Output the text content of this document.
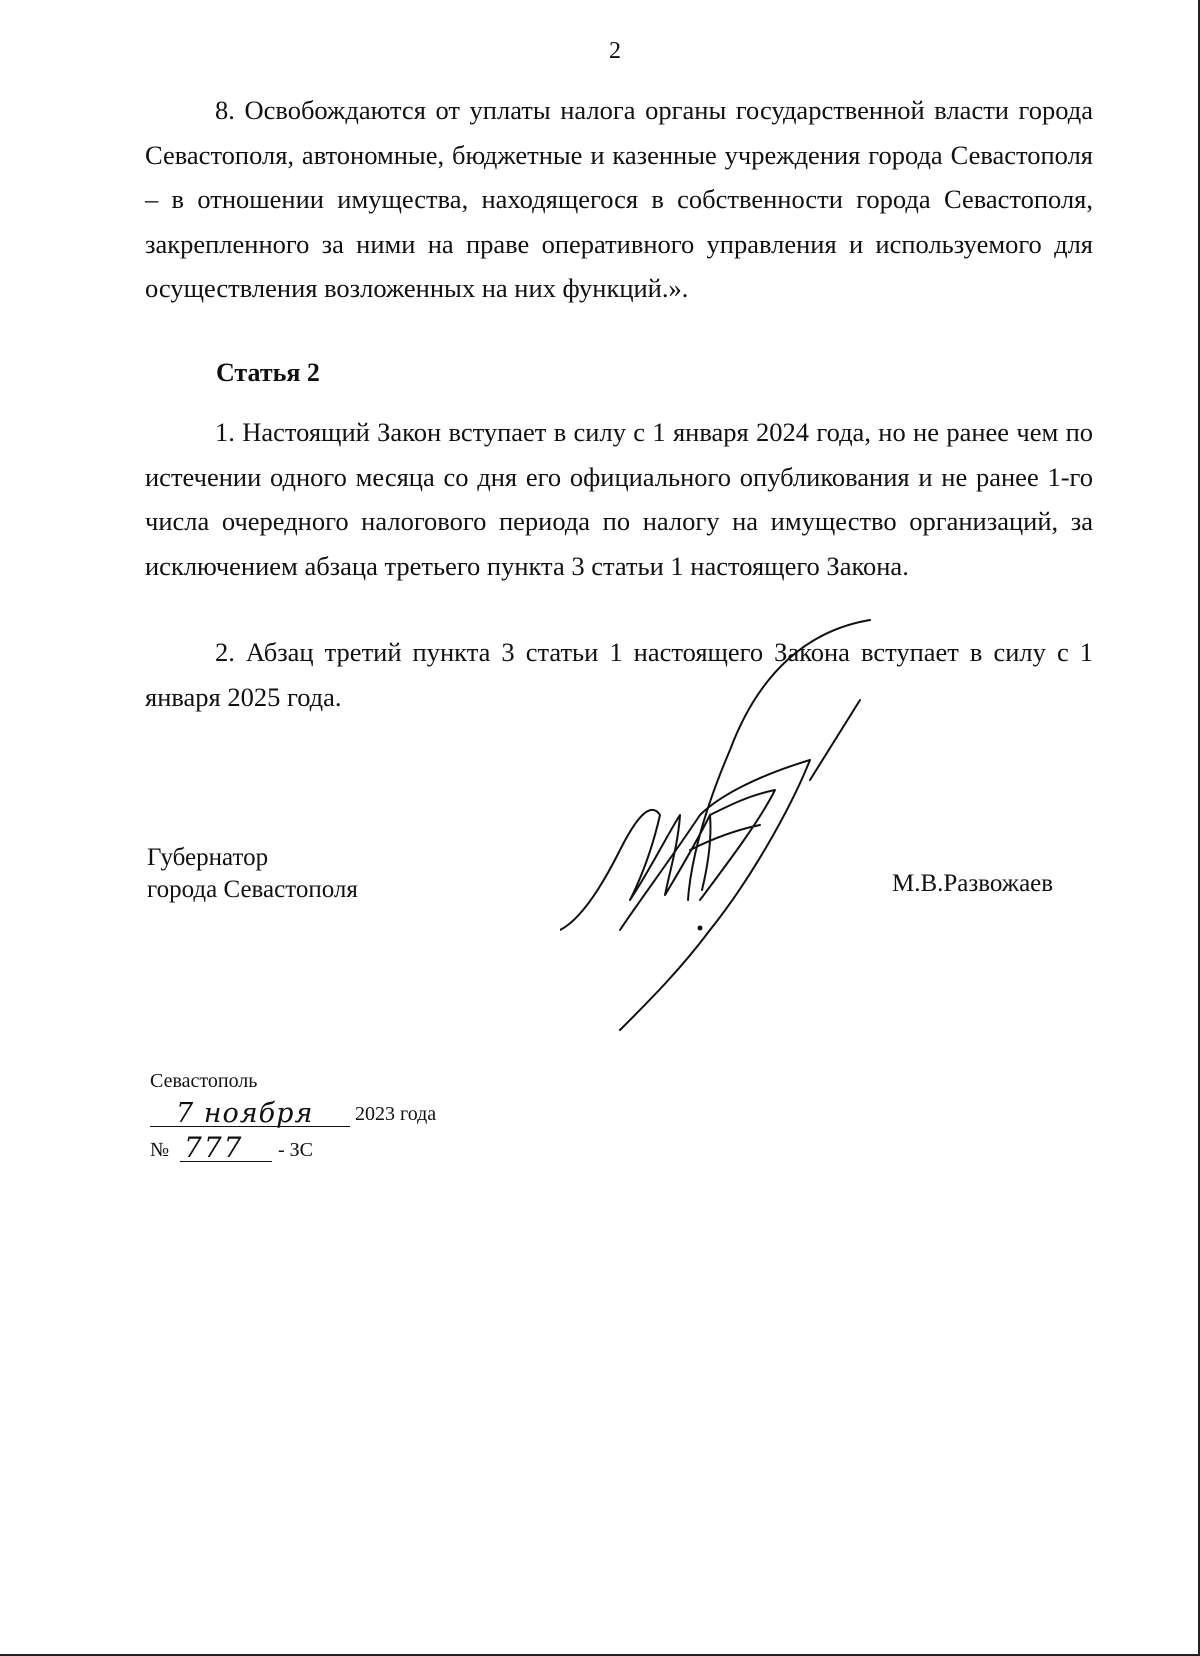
2

8. Освобождаются от уплаты налога органы государственной власти города Севастополя, автономные, бюджетные и казенные учреждения города Севастополя – в отношении имущества, находящегося в собственности города Севастополя, закрепленного за ними на праве оперативного управления и используемого для осуществления возложенных на них функций.».

Статья 2

1. Настоящий Закон вступает в силу с 1 января 2024 года, но не ранее чем по истечении одного месяца со дня его официального опубликования и не ранее 1-го числа очередного налогового периода по налогу на имущество организаций, за исключением абзаца третьего пункта 3 статьи 1 настоящего Закона.

2. Абзац третий пункта 3 статьи 1 настоящего Закона вступает в силу с 1 января 2025 года.

Губернатор
города Севастополя	М.В.Развожаев
Севастополь
7 ноября 2023 года
№ 777 - ЗС
